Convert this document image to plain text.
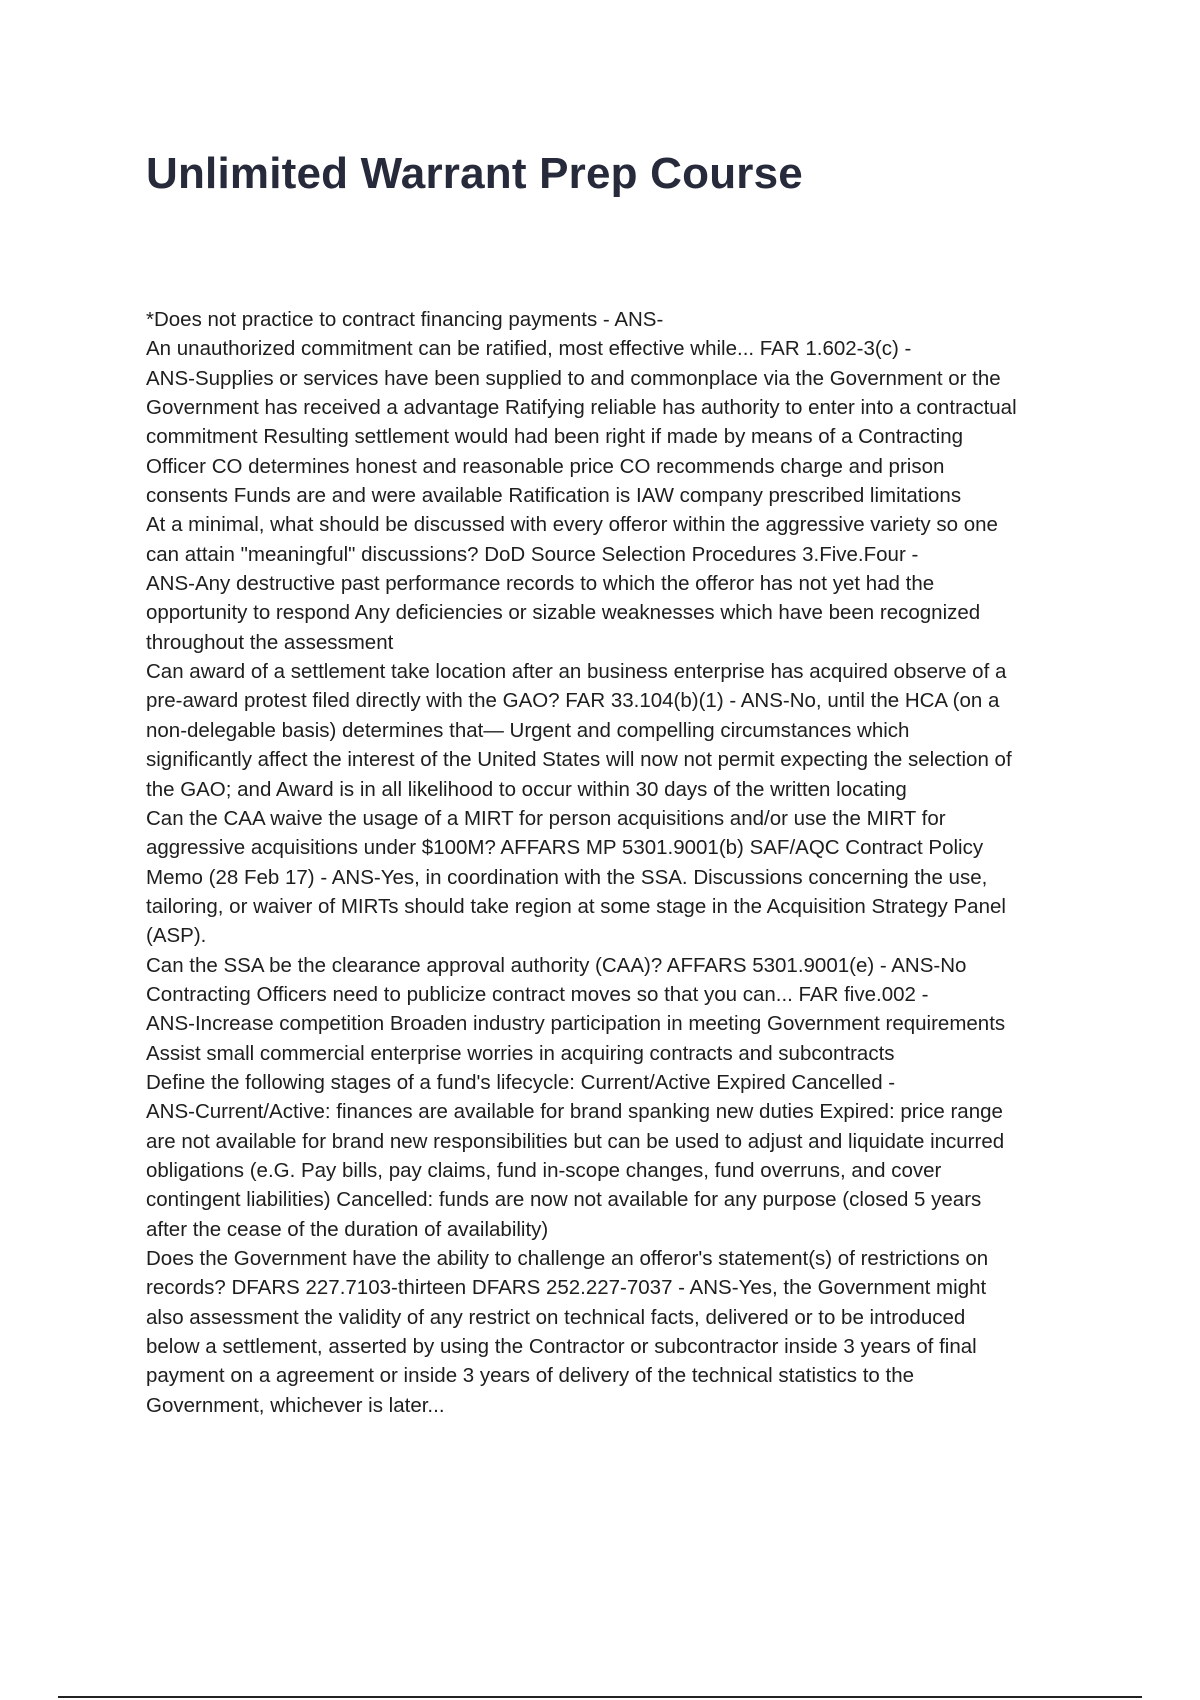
Unlimited Warrant Prep Course
*Does not practice to contract financing payments - ANS-
An unauthorized commitment can be ratified, most effective while... FAR 1.602-3(c) -
ANS-Supplies or services have been supplied to and commonplace via the Government or the
Government has received a advantage Ratifying reliable has authority to enter into a contractual
commitment Resulting settlement would had been right if made by means of a Contracting
Officer CO determines honest and reasonable price CO recommends charge and prison
consents Funds are and were available Ratification is IAW company prescribed limitations
At a minimal, what should be discussed with every offeror within the aggressive variety so one
can attain "meaningful" discussions? DoD Source Selection Procedures 3.Five.Four -
ANS-Any destructive past performance records to which the offeror has not yet had the
opportunity to respond Any deficiencies or sizable weaknesses which have been recognized
throughout the assessment
Can award of a settlement take location after an business enterprise has acquired observe of a
pre-award protest filed directly with the GAO? FAR 33.104(b)(1) - ANS-No, until the HCA (on a
non-delegable basis) determines that— Urgent and compelling circumstances which
significantly affect the interest of the United States will now not permit expecting the selection of
the GAO; and Award is in all likelihood to occur within 30 days of the written locating
Can the CAA waive the usage of a MIRT for person acquisitions and/or use the MIRT for
aggressive acquisitions under $100M? AFFARS MP 5301.9001(b) SAF/AQC Contract Policy
Memo (28 Feb 17) - ANS-Yes, in coordination with the SSA. Discussions concerning the use,
tailoring, or waiver of MIRTs should take region at some stage in the Acquisition Strategy Panel
(ASP).
Can the SSA be the clearance approval authority (CAA)? AFFARS 5301.9001(e) - ANS-No
Contracting Officers need to publicize contract moves so that you can... FAR five.002 -
ANS-Increase competition Broaden industry participation in meeting Government requirements
Assist small commercial enterprise worries in acquiring contracts and subcontracts
Define the following stages of a fund's lifecycle: Current/Active Expired Cancelled -
ANS-Current/Active: finances are available for brand spanking new duties Expired: price range
are not available for brand new responsibilities but can be used to adjust and liquidate incurred
obligations (e.G. Pay bills, pay claims, fund in-scope changes, fund overruns, and cover
contingent liabilities) Cancelled: funds are now not available for any purpose (closed 5 years
after the cease of the duration of availability)
Does the Government have the ability to challenge an offeror's statement(s) of restrictions on
records? DFARS 227.7103-thirteen DFARS 252.227-7037 - ANS-Yes, the Government might
also assessment the validity of any restrict on technical facts, delivered or to be introduced
below a settlement, asserted by using the Contractor or subcontractor inside 3 years of final
payment on a agreement or inside 3 years of delivery of the technical statistics to the
Government, whichever is later...
